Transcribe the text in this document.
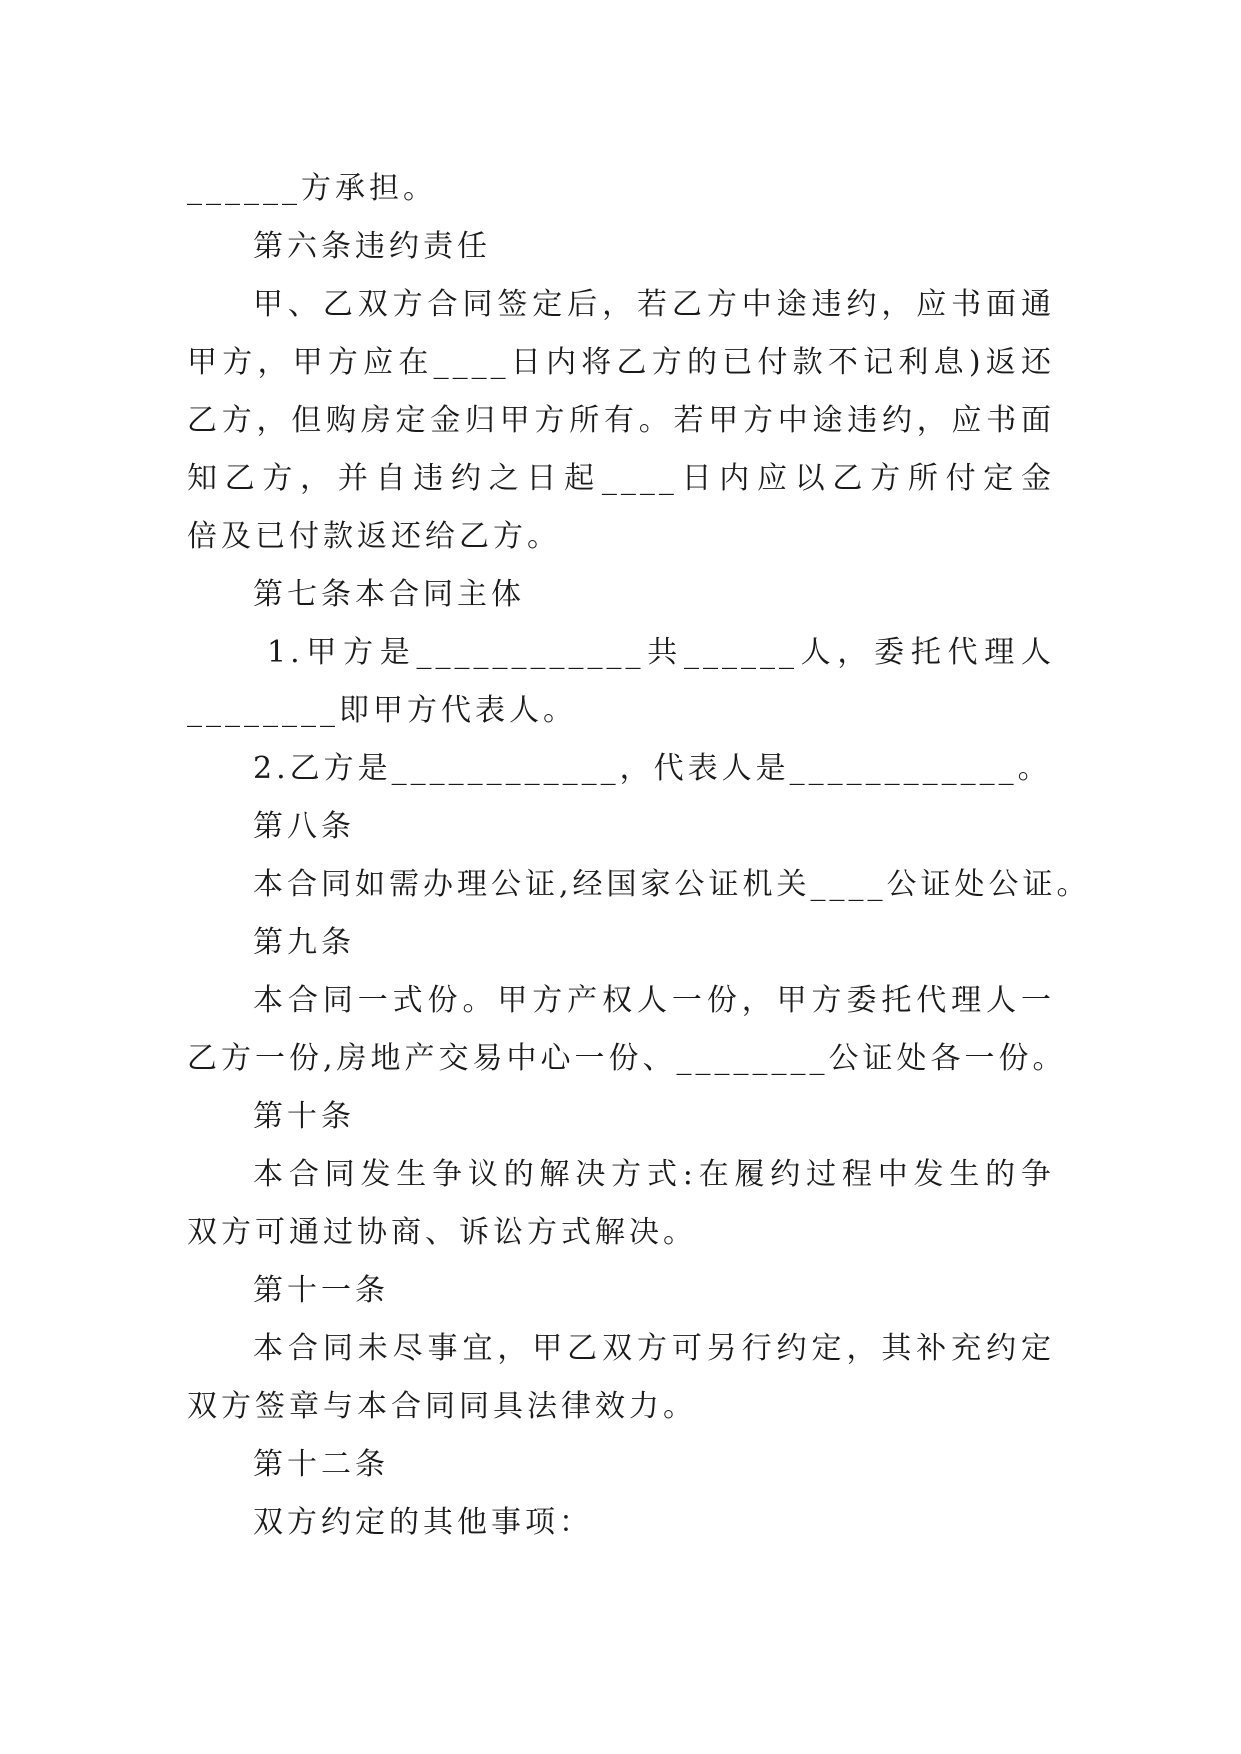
______方承担。
第六条违约责任
甲、乙双方合同签定后，若乙方中途违约，应书面通
甲方，甲方应在____日内将乙方的已付款不记利息)返还
乙方，但购房定金归甲方所有。若甲方中途违约，应书面
知乙方，并自违约之日起____日内应以乙方所付定金
倍及已付款返还给乙方。
第七条本合同主体
1.甲方是____________共______人，委托代理人
________即甲方代表人。
2.乙方是____________，代表人是____________。
第八条
本合同如需办理公证,经国家公证机关____公证处公证。
第九条
本合同一式份。甲方产权人一份，甲方委托代理人一
乙方一份,房地产交易中心一份、________公证处各一份。
第十条
本合同发生争议的解决方式:在履约过程中发生的争
双方可通过协商、诉讼方式解决。
第十一条
本合同未尽事宜，甲乙双方可另行约定，其补充约定
双方签章与本合同同具法律效力。
第十二条
双方约定的其他事项：
